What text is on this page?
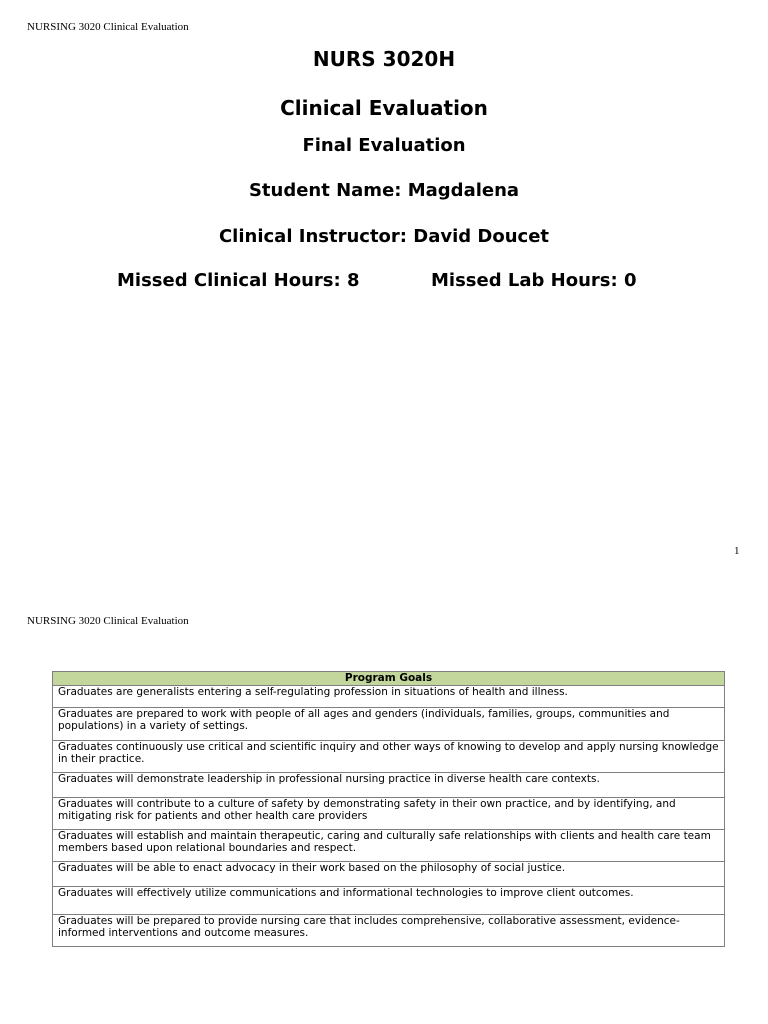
NURSING 3020 Clinical Evaluation
NURS 3020H
Clinical Evaluation
Final Evaluation
Student Name: Magdalena
Clinical Instructor: David Doucet
Missed Clinical Hours: 8	Missed Lab Hours: 0
1
NURSING 3020 Clinical Evaluation
Program Goals
Graduates are generalists entering a self-regulating profession in situations of health and illness.
Graduates are prepared to work with people of all ages and genders (individuals, families, groups, communities and populations) in a variety of settings.
Graduates continuously use critical and scientific inquiry and other ways of knowing to develop and apply nursing knowledge in their practice.
Graduates will demonstrate leadership in professional nursing practice in diverse health care contexts.
Graduates will contribute to a culture of safety by demonstrating safety in their own practice, and by identifying, and mitigating risk for patients and other health care providers
Graduates will establish and maintain therapeutic, caring and culturally safe relationships with clients and health care team members based upon relational boundaries and respect.
Graduates will be able to enact advocacy in their work based on the philosophy of social justice.
Graduates will effectively utilize communications and informational technologies to improve client outcomes.
Graduates will be prepared to provide nursing care that includes comprehensive, collaborative assessment, evidence-informed interventions and outcome measures.
